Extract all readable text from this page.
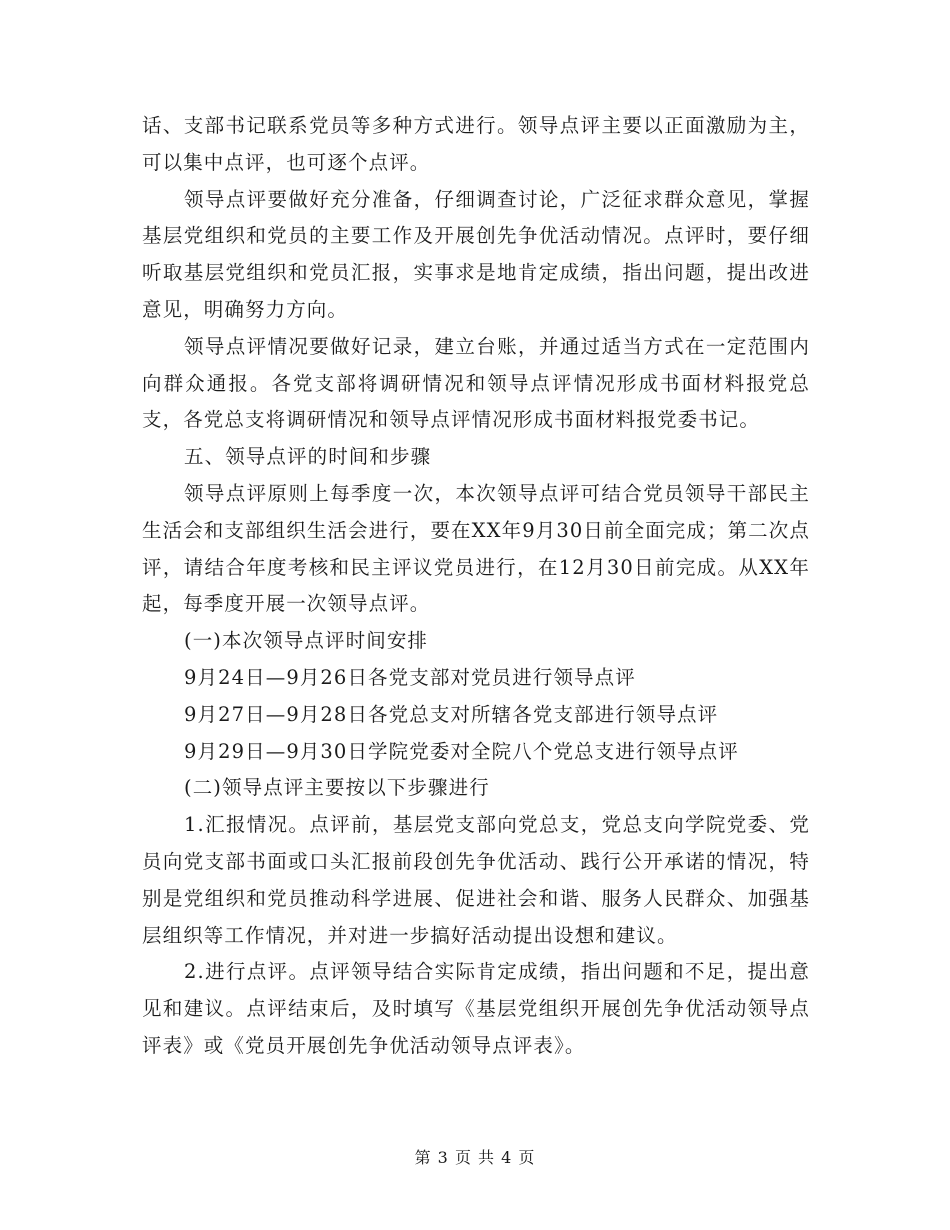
话、支部书记联系党员等多种方式进行。领导点评主要以正面激励为主，可以集中点评，也可逐个点评。

领导点评要做好充分准备，仔细调查讨论，广泛征求群众意见，掌握基层党组织和党员的主要工作及开展创先争优活动情况。点评时，要仔细听取基层党组织和党员汇报，实事求是地肯定成绩，指出问题，提出改进意见，明确努力方向。

领导点评情况要做好记录，建立台账，并通过适当方式在一定范围内向群众通报。各党支部将调研情况和领导点评情况形成书面材料报党总支，各党总支将调研情况和领导点评情况形成书面材料报党委书记。

五、领导点评的时间和步骤

领导点评原则上每季度一次，本次领导点评可结合党员领导干部民主生活会和支部组织生活会进行，要在XX年9月30日前全面完成；第二次点评，请结合年度考核和民主评议党员进行，在12月30日前完成。从XX年起，每季度开展一次领导点评。

(一)本次领导点评时间安排

9月24日—9月26日各党支部对党员进行领导点评

9月27日—9月28日各党总支对所辖各党支部进行领导点评

9月29日—9月30日学院党委对全院八个党总支进行领导点评

(二)领导点评主要按以下步骤进行

1.汇报情况。点评前，基层党支部向党总支，党总支向学院党委、党员向党支部书面或口头汇报前段创先争优活动、践行公开承诺的情况，特别是党组织和党员推动科学进展、促进社会和谐、服务人民群众、加强基层组织等工作情况，并对进一步搞好活动提出设想和建议。

2.进行点评。点评领导结合实际肯定成绩，指出问题和不足，提出意见和建议。点评结束后，及时填写《基层党组织开展创先争优活动领导点评表》或《党员开展创先争优活动领导点评表》。

第 3 页 共 4 页
